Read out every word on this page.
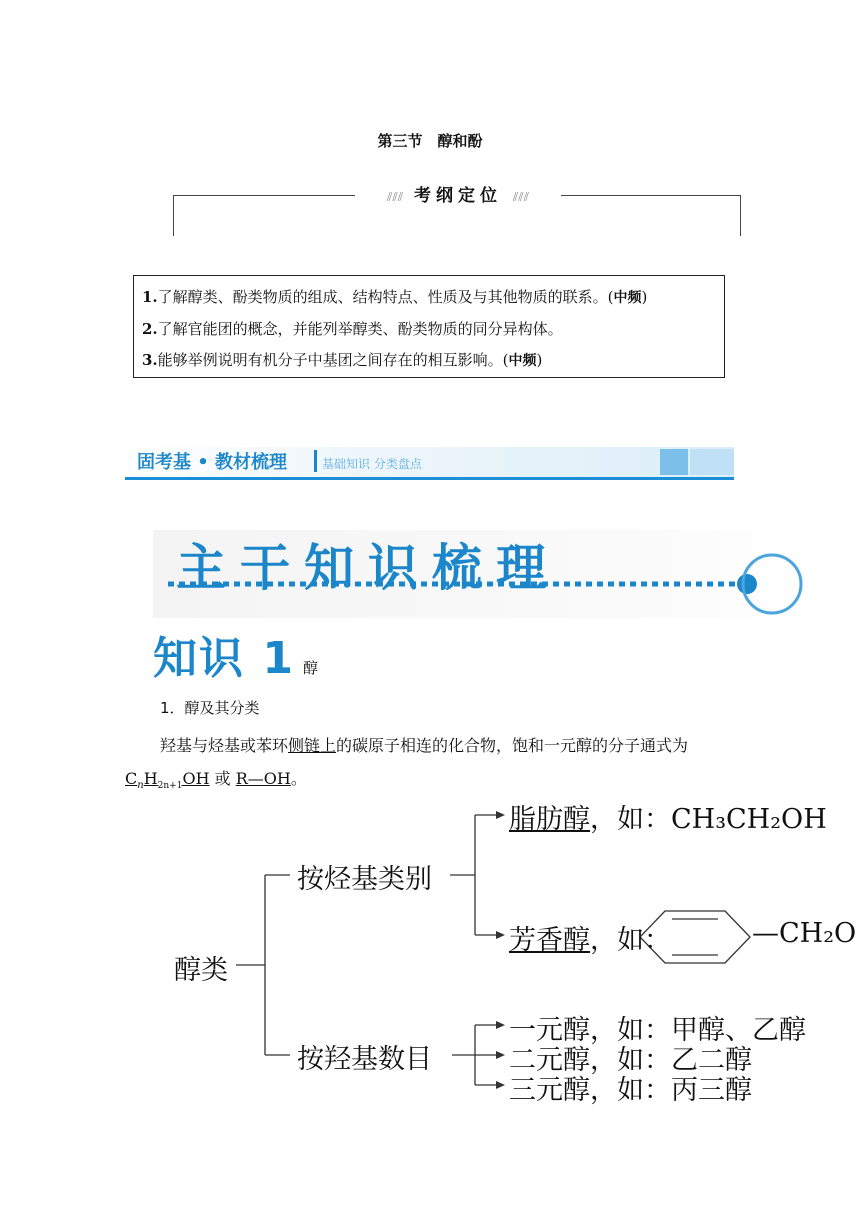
第三节　醇和酚
⫽⫽⫽ 考纲定位 ⫽⫽⫽
1.了解醇类、酚类物质的组成、结构特点、性质及与其他物质的联系。(中频)
2.了解官能团的概念，并能列举醇类、酚类物质的同分异构体。
3.能够举例说明有机分子中基团之间存在的相互影响。(中频)
固考基 • 教材梳理	基础知识 分类盘点
主干知识梳理
知识 1 醇
1．醇及其分类
羟基与烃基或苯环侧链上的碳原子相连的化合物，饱和一元醇的分子通式为
$C_nH_{2n+1}OH$ 或 R—OH。
醇类
按烃基类别
按羟基数目
脂肪醇，如：CH₃CH₂OH
芳香醇，如：	—CH₂O
一元醇，如：甲醇、乙醇
二元醇，如：乙二醇
三元醇，如：丙三醇
